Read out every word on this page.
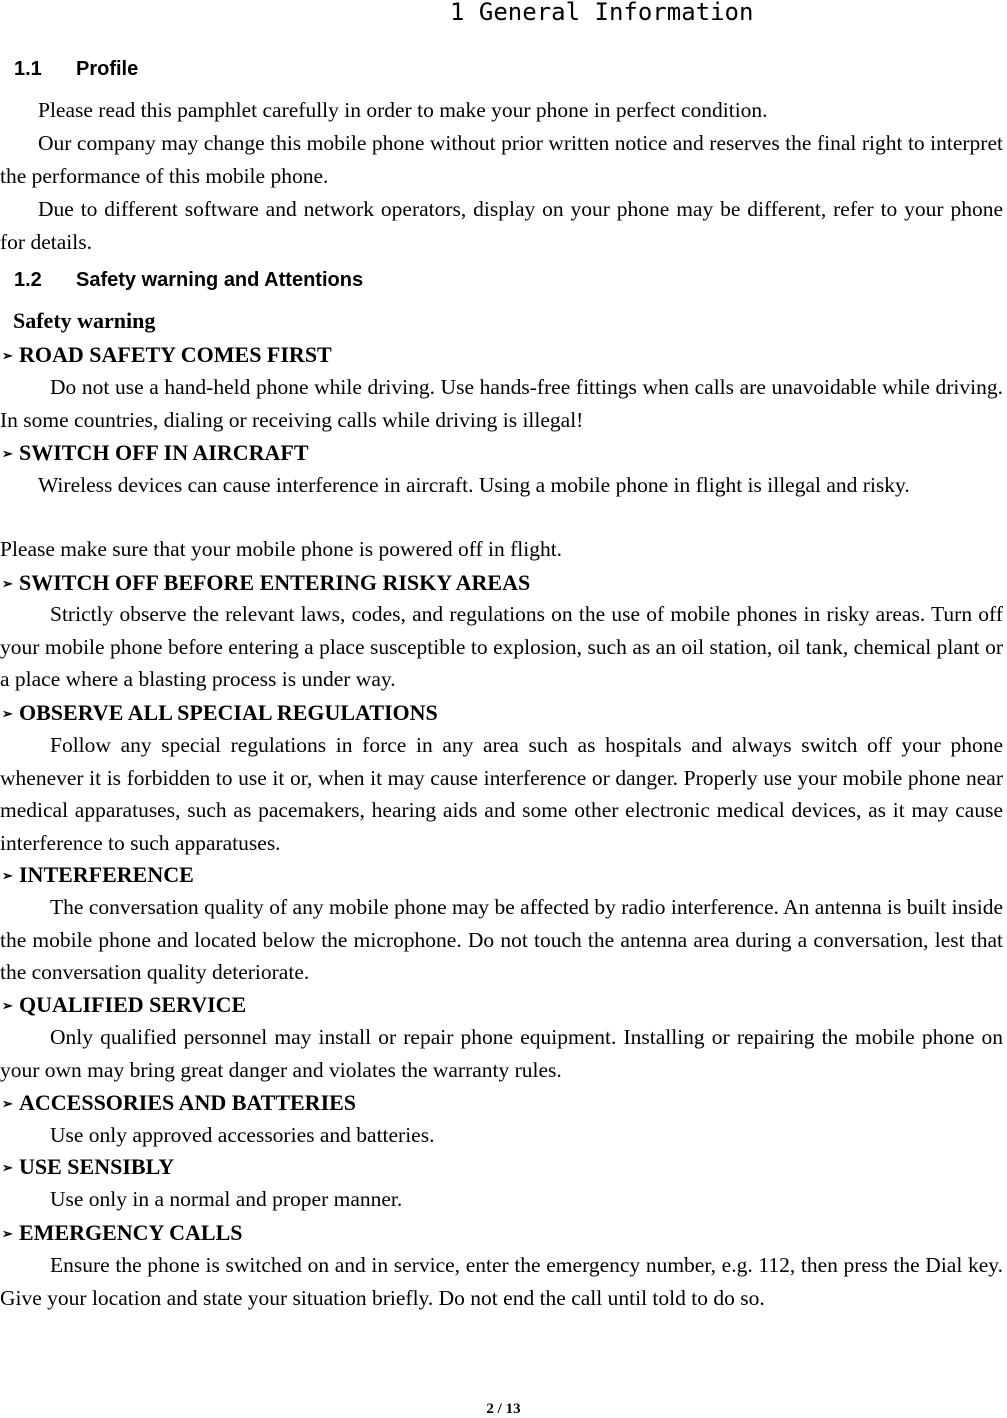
1 General Information
1.1 Profile
Please read this pamphlet carefully in order to make your phone in perfect condition.
Our company may change this mobile phone without prior written notice and reserves the final right to interpret the performance of this mobile phone.
Due to different software and network operators, display on your phone may be different, refer to your phone for details.
1.2 Safety warning and Attentions
Safety warning
➢ ROAD SAFETY COMES FIRST
Do not use a hand-held phone while driving. Use hands-free fittings when calls are unavoidable while driving. In some countries, dialing or receiving calls while driving is illegal!
➢ SWITCH OFF IN AIRCRAFT
Wireless devices can cause interference in aircraft. Using a mobile phone in flight is illegal and risky.
Please make sure that your mobile phone is powered off in flight.
➢ SWITCH OFF BEFORE ENTERING RISKY AREAS
Strictly observe the relevant laws, codes, and regulations on the use of mobile phones in risky areas. Turn off your mobile phone before entering a place susceptible to explosion, such as an oil station, oil tank, chemical plant or a place where a blasting process is under way.
➢ OBSERVE ALL SPECIAL REGULATIONS
Follow any special regulations in force in any area such as hospitals and always switch off your phone whenever it is forbidden to use it or, when it may cause interference or danger. Properly use your mobile phone near medical apparatuses, such as pacemakers, hearing aids and some other electronic medical devices, as it may cause interference to such apparatuses.
➢ INTERFERENCE
The conversation quality of any mobile phone may be affected by radio interference. An antenna is built inside the mobile phone and located below the microphone. Do not touch the antenna area during a conversation, lest that the conversation quality deteriorate.
➢ QUALIFIED SERVICE
Only qualified personnel may install or repair phone equipment. Installing or repairing the mobile phone on your own may bring great danger and violates the warranty rules.
➢ ACCESSORIES AND BATTERIES
Use only approved accessories and batteries.
➢ USE SENSIBLY
Use only in a normal and proper manner.
➢ EMERGENCY CALLS
Ensure the phone is switched on and in service, enter the emergency number, e.g. 112, then press the Dial key. Give your location and state your situation briefly. Do not end the call until told to do so.
2 / 13
